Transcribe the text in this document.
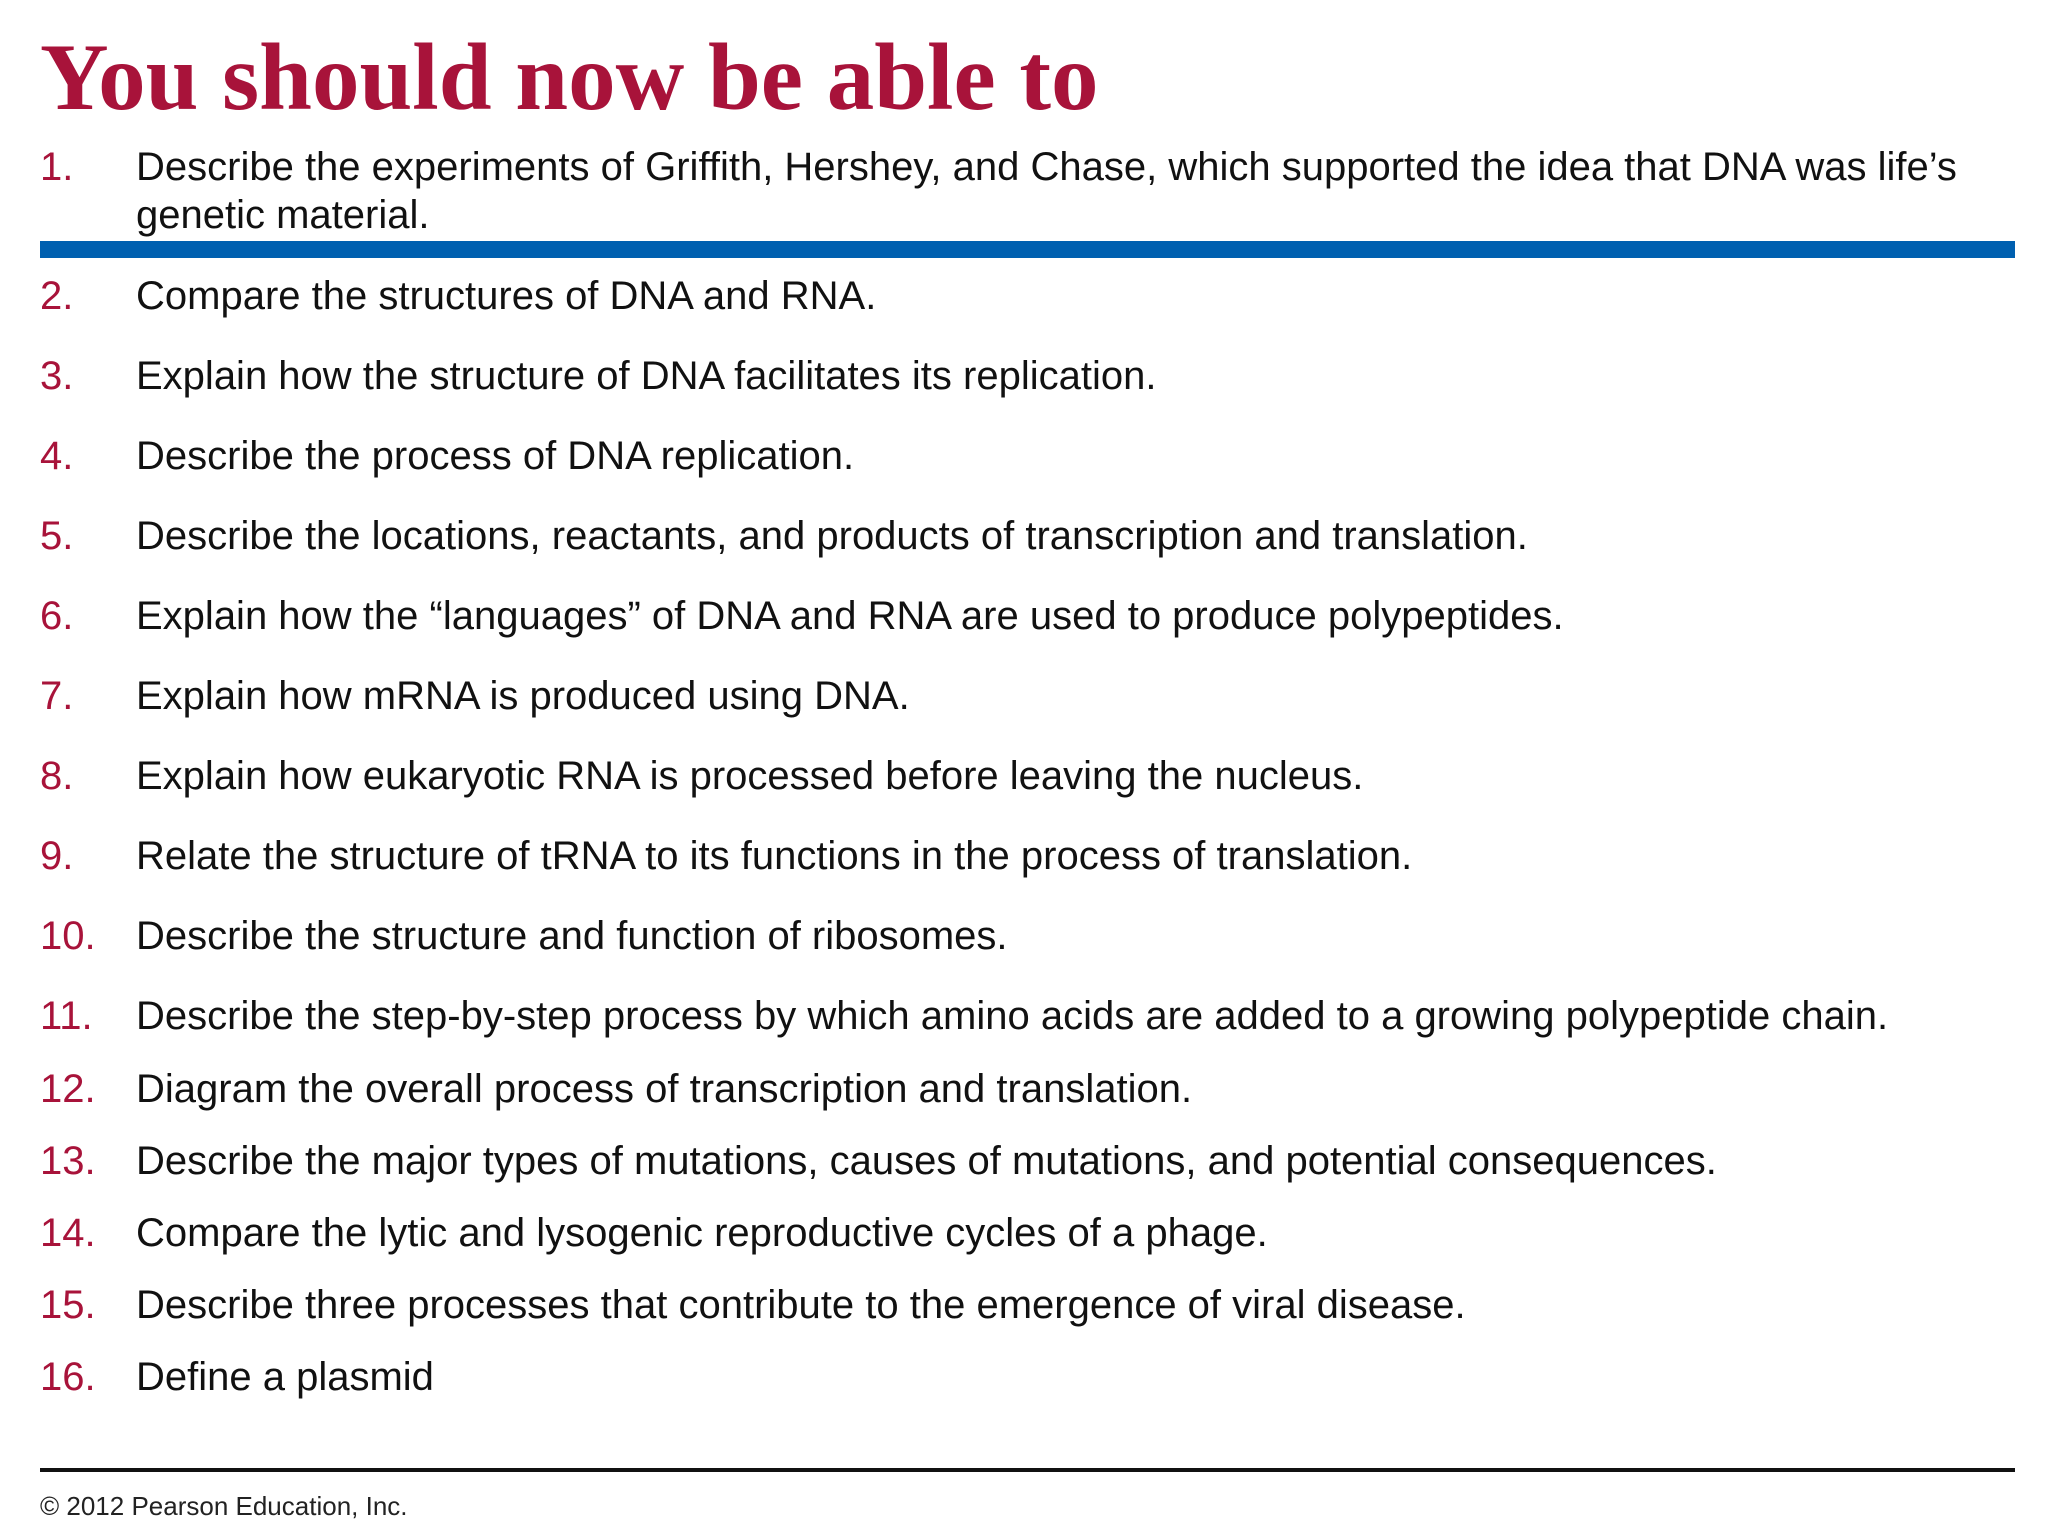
You should now be able to
1. Describe the experiments of Griffith, Hershey, and Chase, which supported the idea that DNA was life’s genetic material.
2. Compare the structures of DNA and RNA.
3. Explain how the structure of DNA facilitates its replication.
4. Describe the process of DNA replication.
5. Describe the locations, reactants, and products of transcription and translation.
6. Explain how the “languages” of DNA and RNA are used to produce polypeptides.
7. Explain how mRNA is produced using DNA.
8. Explain how eukaryotic RNA is processed before leaving the nucleus.
9. Relate the structure of tRNA to its functions in the process of translation.
10. Describe the structure and function of ribosomes.
11. Describe the step-by-step process by which amino acids are added to a growing polypeptide chain.
12. Diagram the overall process of transcription and translation.
13. Describe the major types of mutations, causes of mutations, and potential consequences.
14. Compare the lytic and lysogenic reproductive cycles of a phage.
15. Describe three processes that contribute to the emergence of viral disease.
16. Define a plasmid
© 2012 Pearson Education, Inc.
